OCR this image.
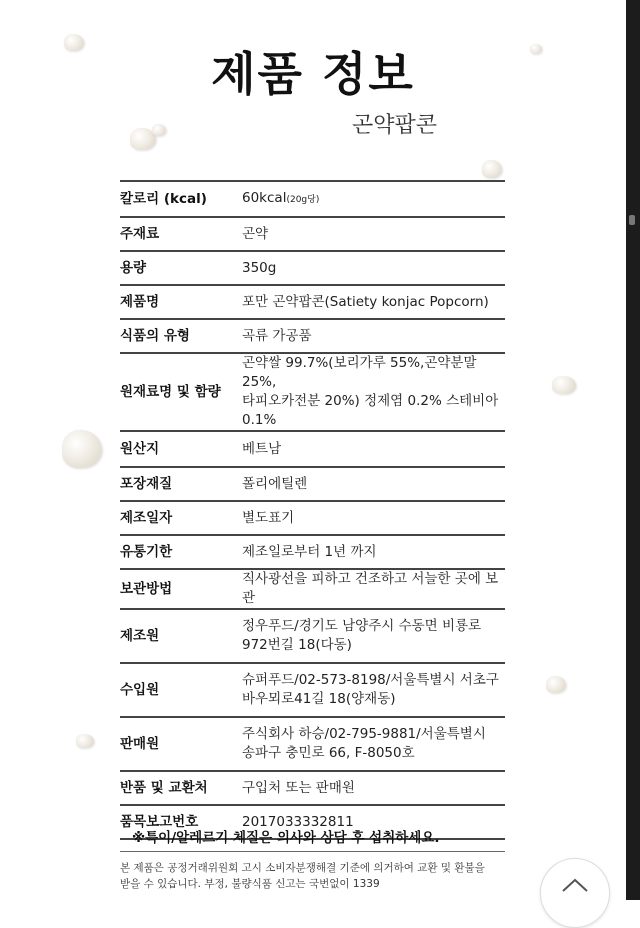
제품 정보

곤약팝콘

칼로리 (kcal)	60kcal(20g당)
주재료	곤약
용량	350g
제품명	포만 곤약팝콘(Satiety konjac Popcorn)
식품의 유형	곡류 가공품
원재료명 및 함량	곤약쌀 99.7%(보리가루 55%,곤약분말25%,
타피오카전분 20%) 정제염 0.2% 스테비아
0.1%

원산지	베트남
포장재질	폴리에틸렌
제조일자	별도표기
유통기한	제조일로부터 1년 까지
보관방법	직사광선을 피하고 건조하고 서늘한 곳에 보관
제조원	정우푸드/경기도 남양주시 수동면 비룡로
972번길 18(다동)

수입원	슈퍼푸드/02-573-8198/서울특별시 서초구
바우뫼로41길 18(양재동)

판매원	주식회사 하승/02-795-9881/서울특별시
송파구 충민로 66, F-8050호

반품 및 교환처	구입처 또는 판매원
품목보고번호	2017033332811

※특이/알레르기 체질은 의사와 상담 후 섭취하세요.

본 제품은 공정거래위원회 고시 소비자분쟁해결 기준에 의거하여 교환 및 환불을
받을 수 있습니다. 부정, 불량식품 신고는 국번없이 1339
